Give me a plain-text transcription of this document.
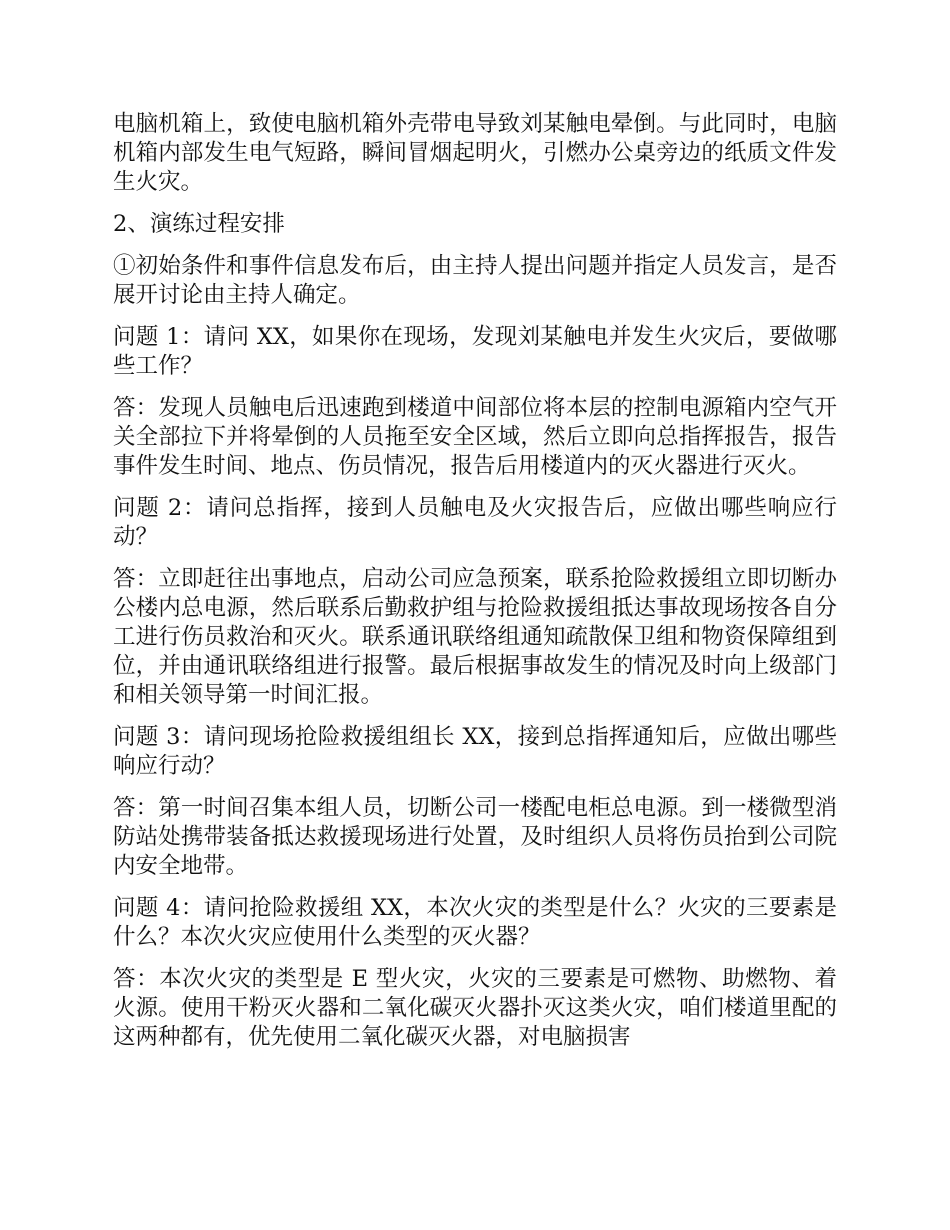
电脑机箱上，致使电脑机箱外壳带电导致刘某触电晕倒。与此同时，电脑机箱内部发生电气短路，瞬间冒烟起明火，引燃办公桌旁边的纸质文件发生火灾。

2、演练过程安排

①初始条件和事件信息发布后，由主持人提出问题并指定人员发言，是否展开讨论由主持人确定。

问题 1：请问 XX，如果你在现场，发现刘某触电并发生火灾后，要做哪些工作？

答：发现人员触电后迅速跑到楼道中间部位将本层的控制电源箱内空气开关全部拉下并将晕倒的人员拖至安全区域，然后立即向总指挥报告，报告事件发生时间、地点、伤员情况，报告后用楼道内的灭火器进行灭火。

问题 2：请问总指挥，接到人员触电及火灾报告后，应做出哪些响应行动？

答：立即赶往出事地点，启动公司应急预案，联系抢险救援组立即切断办公楼内总电源，然后联系后勤救护组与抢险救援组抵达事故现场按各自分工进行伤员救治和灭火。联系通讯联络组通知疏散保卫组和物资保障组到位，并由通讯联络组进行报警。最后根据事故发生的情况及时向上级部门和相关领导第一时间汇报。

问题 3：请问现场抢险救援组组长 XX，接到总指挥通知后，应做出哪些响应行动？

答：第一时间召集本组人员，切断公司一楼配电柜总电源。到一楼微型消防站处携带装备抵达救援现场进行处置，及时组织人员将伤员抬到公司院内安全地带。

问题 4：请问抢险救援组 XX，本次火灾的类型是什么？火灾的三要素是什么？本次火灾应使用什么类型的灭火器？

答：本次火灾的类型是 E 型火灾，火灾的三要素是可燃物、助燃物、着火源。使用干粉灭火器和二氧化碳灭火器扑灭这类火灾，咱们楼道里配的这两种都有，优先使用二氧化碳灭火器，对电脑损害
